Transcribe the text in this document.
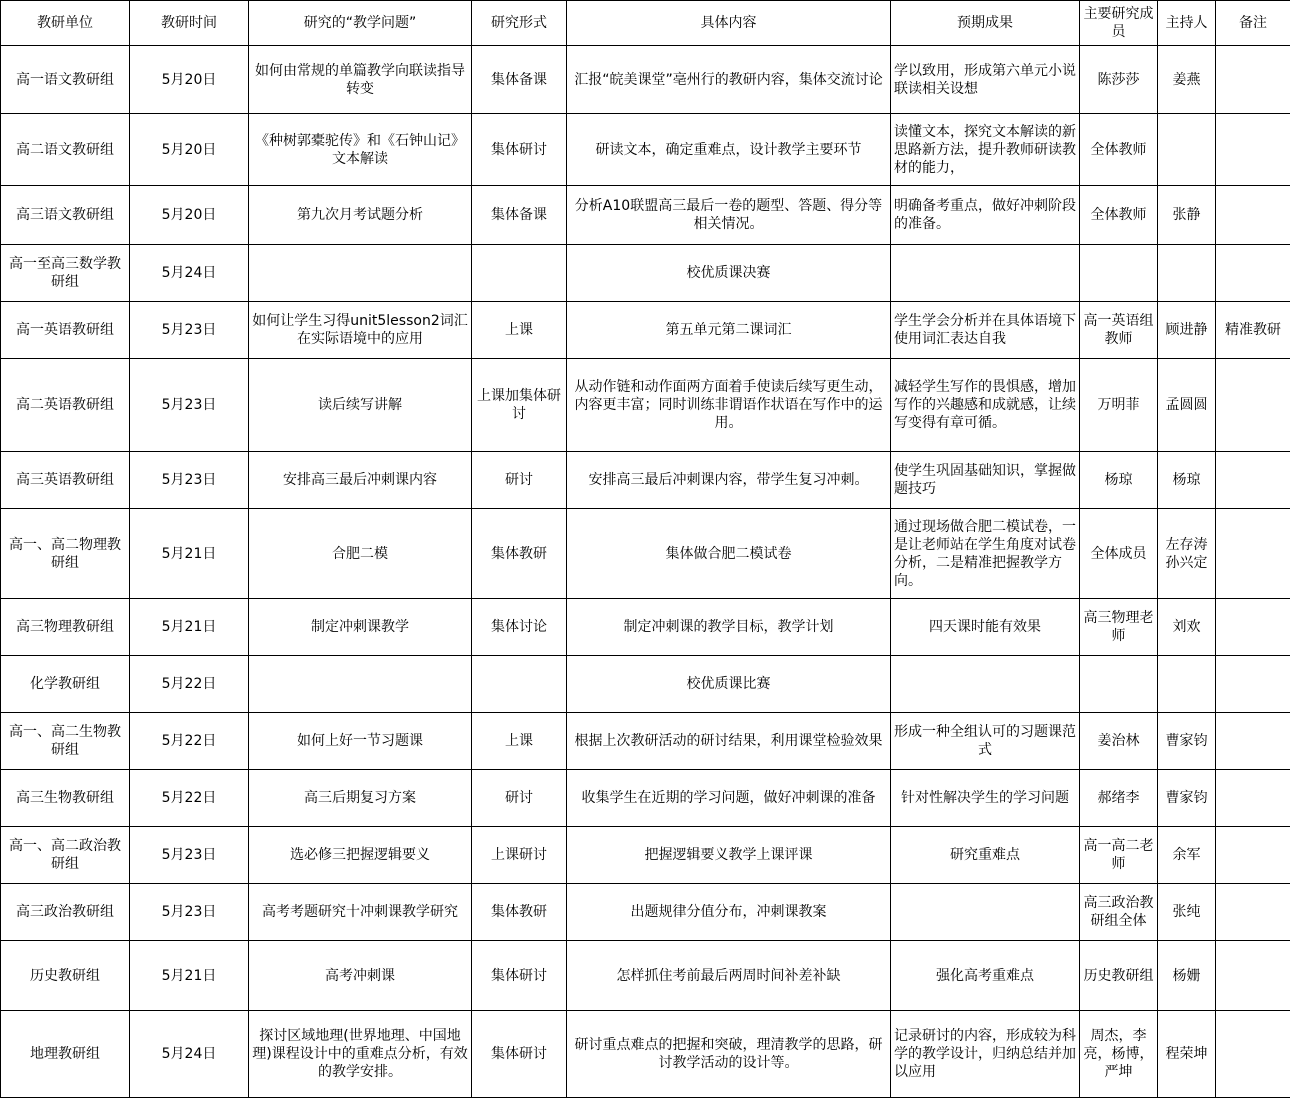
教研单位	教研时间	研究的“教学问题”	研究形式	具体内容	预期成果	主要研究成员	主持人	备注
高一语文教研组	5月20日	如何由常规的单篇教学向联读指导转变	集体备课	汇报“皖美课堂”亳州行的教研内容，集体交流讨论	学以致用，形成第六单元小说联读相关设想	陈莎莎	姜燕	
高二语文教研组	5月20日	《种树郭橐驼传》和《石钟山记》文本解读	集体研讨	研读文本，确定重难点，设计教学主要环节	读懂文本，探究文本解读的新思路新方法，提升教师研读教材的能力，	全体教师		
高三语文教研组	5月20日	第九次月考试题分析	集体备课	分析A10联盟高三最后一卷的题型、答题、得分等相关情况。	明确备考重点，做好冲刺阶段的准备。	全体教师	张静	
高一至高三数学教研组	5月24日			校优质课决赛				
高一英语教研组	5月23日	如何让学生习得unit5lesson2词汇在实际语境中的应用	上课	第五单元第二课词汇	学生学会分析并在具体语境下使用词汇表达自我	高一英语组教师	顾进静	精准教研
高二英语教研组	5月23日	读后续写讲解	上课加集体研讨	从动作链和动作面两方面着手使读后续写更生动，内容更丰富；同时训练非谓语作状语在写作中的运用。	减轻学生写作的畏惧感，增加写作的兴趣感和成就感，让续写变得有章可循。	万明菲	孟圆圆	
高三英语教研组	5月23日	安排高三最后冲刺课内容	研讨	安排高三最后冲刺课内容，带学生复习冲刺。	使学生巩固基础知识，掌握做题技巧	杨琼	杨琼	
高一、高二物理教研组	5月21日	合肥二模	集体教研	集体做合肥二模试卷	通过现场做合肥二模试卷，一是让老师站在学生角度对试卷分析，二是精准把握教学方向。	全体成员	左存涛孙兴定	
高三物理教研组	5月21日	制定冲刺课教学	集体讨论	制定冲刺课的教学目标，教学计划	四天课时能有效果	高三物理老师	刘欢	
化学教研组	5月22日			校优质课比赛				
高一、高二生物教研组	5月22日	如何上好一节习题课	上课	根据上次教研活动的研讨结果，利用课堂检验效果	形成一种全组认可的习题课范式	姜治林	曹家钧	
高三生物教研组	5月22日	高三后期复习方案	研讨	收集学生在近期的学习问题，做好冲刺课的准备	针对性解决学生的学习问题	郝绪李	曹家钧	
高一、高二政治教研组	5月23日	选必修三把握逻辑要义	上课研讨	把握逻辑要义教学上课评课	研究重难点	高一高二老师	余军	
高三政治教研组	5月23日	高考考题研究十冲刺课教学研究	集体教研	出题规律分值分布，冲刺课教案		高三政治教研组全体	张纯	
历史教研组	5月21日	高考冲刺课	集体研讨	怎样抓住考前最后两周时间补差补缺	强化高考重难点	历史教研组	杨姗	
地理教研组	5月24日	探讨区域地理(世界地理、中国地理)课程设计中的重难点分析，有效的教学安排。	集体研讨	研讨重点难点的把握和突破，理清教学的思路，研讨教学活动的设计等。	记录研讨的内容，形成较为科学的教学设计，归纳总结并加以应用	周杰，李亮，杨博，严坤	程荣坤	
